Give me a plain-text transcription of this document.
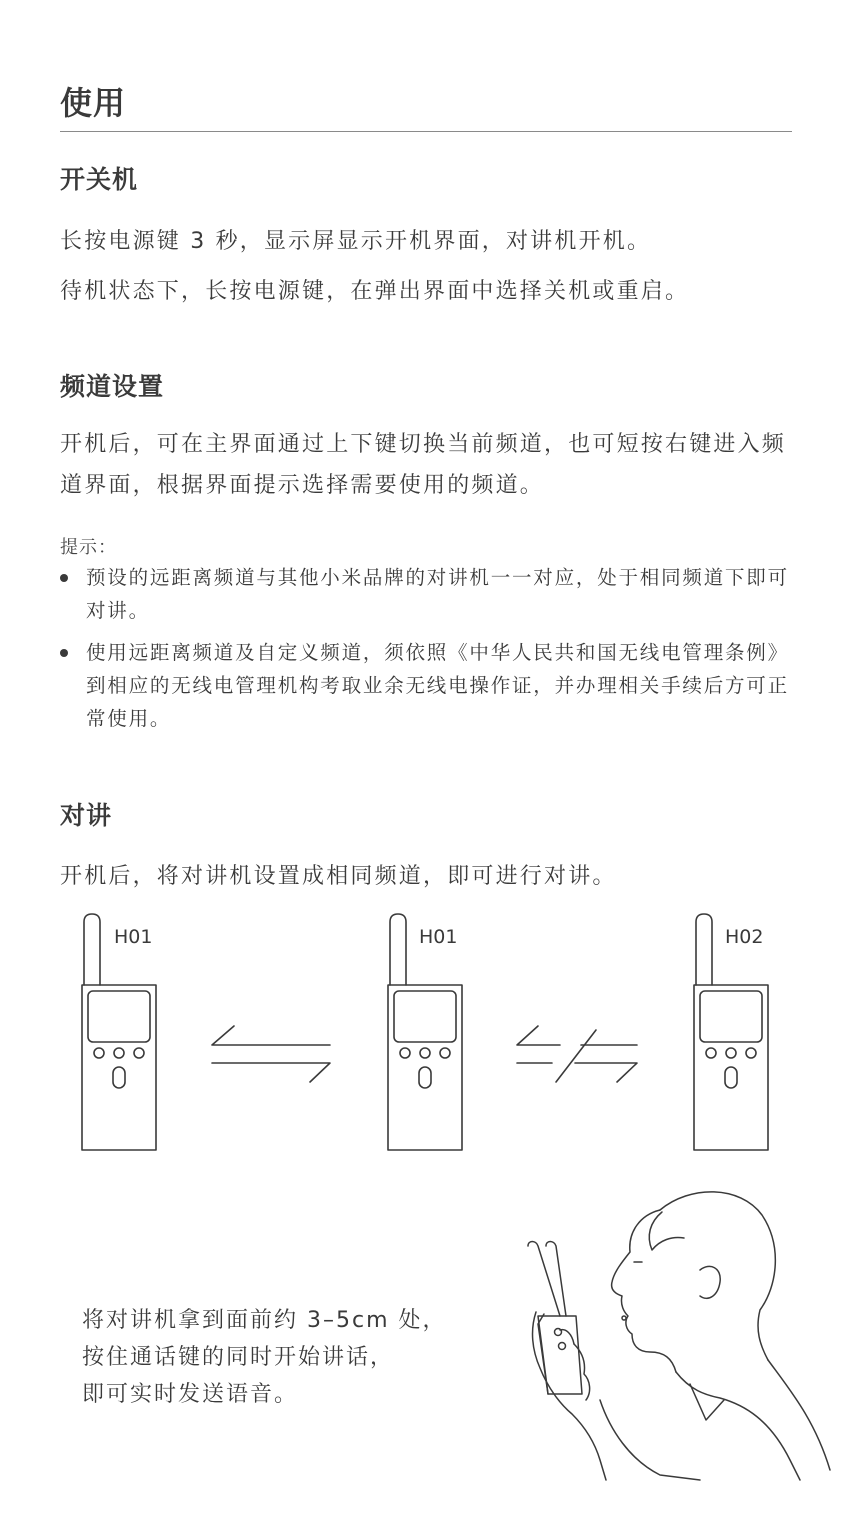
使用
开关机
长按电源键 3 秒，显示屏显示开机界面，对讲机开机。
待机状态下，长按电源键，在弹出界面中选择关机或重启。
频道设置
开机后，可在主界面通过上下键切换当前频道，也可短按右键进入频道界面，根据界面提示选择需要使用的频道。
提示：
预设的远距离频道与其他小米品牌的对讲机一一对应，处于相同频道下即可对讲。
使用远距离频道及自定义频道，须依照《中华人民共和国无线电管理条例》到相应的无线电管理机构考取业余无线电操作证，并办理相关手续后方可正常使用。
对讲
开机后，将对讲机设置成相同频道，即可进行对讲。
H01	H01	H02
将对讲机拿到面前约 3–5cm 处，
按住通话键的同时开始讲话，
即可实时发送语音。
